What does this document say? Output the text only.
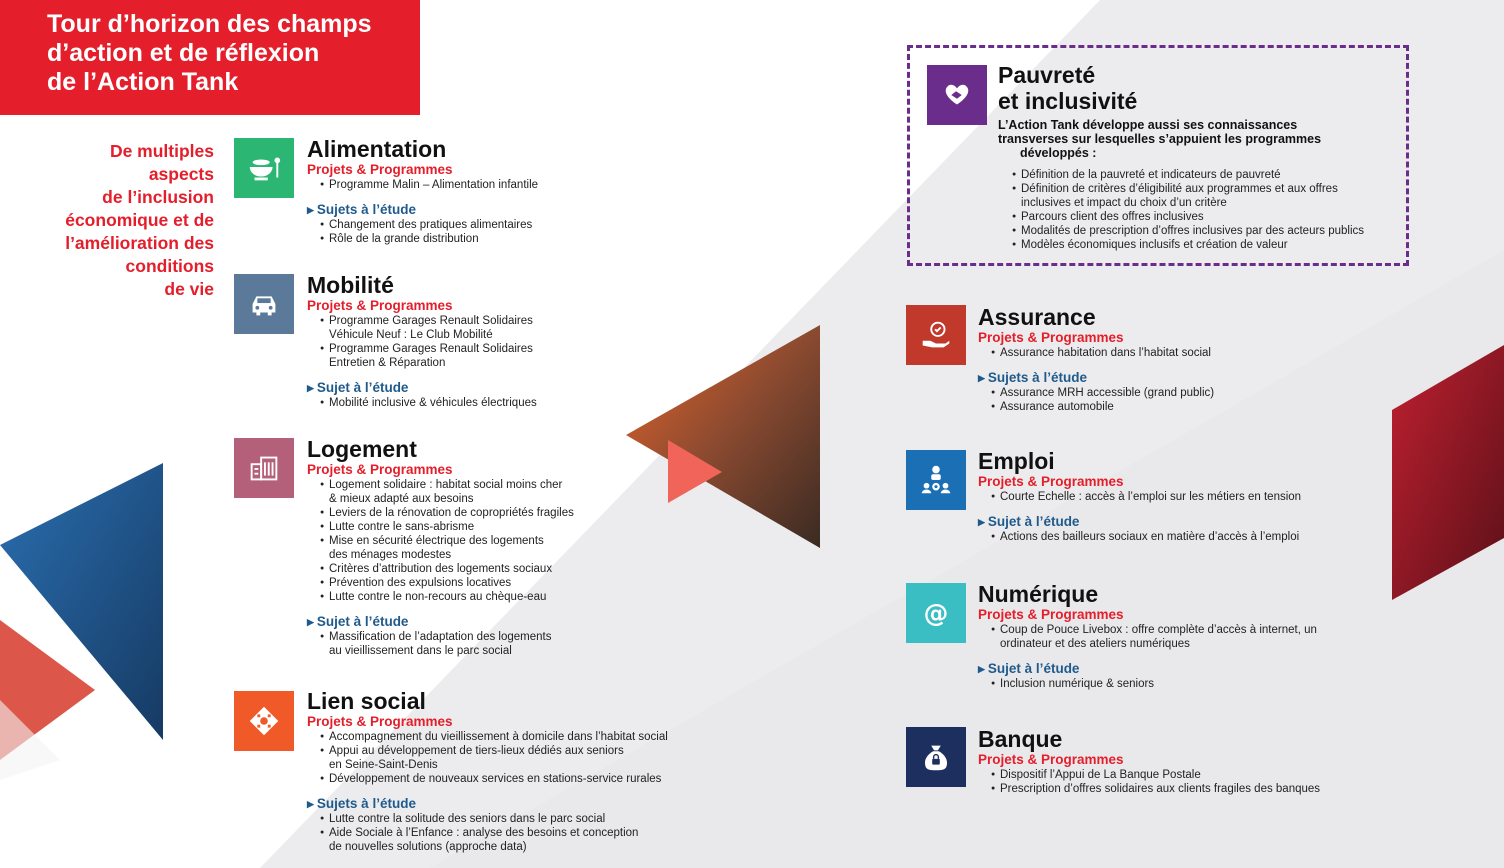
Tour d’horizon des champs
d’action et de réflexion
de l’Action Tank
De multiples
aspects
de l’inclusion
économique et de
l’amélioration des
conditions
de vie
Alimentation
Projets & Programmes
● Programme Malin – Alimentation infantile
▶ Sujets à l’étude
● Changement des pratiques alimentaires
● Rôle de la grande distribution
Mobilité
Projets & Programmes
● Programme Garages Renault Solidaires
Véhicule Neuf : Le Club Mobilité
● Programme Garages Renault Solidaires
Entretien & Réparation
▶ Sujet à l’étude
● Mobilité inclusive & véhicules électriques
Logement
Projets & Programmes
● Logement solidaire : habitat social moins cher
& mieux adapté aux besoins
● Leviers de la rénovation de copropriétés fragiles
● Lutte contre le sans-abrisme
● Mise en sécurité électrique des logements
des ménages modestes
● Critères d’attribution des logements sociaux
● Prévention des expulsions locatives
● Lutte contre le non-recours au chèque-eau
▶ Sujet à l’étude
● Massification de l’adaptation des logements
au vieillissement dans le parc social
Lien social
Projets & Programmes
● Accompagnement du vieillissement à domicile dans l’habitat social
● Appui au développement de tiers-lieux dédiés aux seniors
en Seine-Saint-Denis
● Développement de nouveaux services en stations-service rurales
▶ Sujets à l’étude
● Lutte contre la solitude des seniors dans le parc social
● Aide Sociale à l’Enfance : analyse des besoins et conception
de nouvelles solutions (approche data)
Pauvreté
et inclusivité
L’Action Tank développe aussi ses connaissances
transverses sur lesquelles s’appuient les programmes
développés :
● Définition de la pauvreté et indicateurs de pauvreté
● Définition de critères d’éligibilité aux programmes et aux offres
inclusives et impact du choix d’un critère
● Parcours client des offres inclusives
● Modalités de prescription d’offres inclusives par des acteurs publics
● Modèles économiques inclusifs et création de valeur
Assurance
Projets & Programmes
● Assurance habitation dans l’habitat social
▶ Sujets à l’étude
● Assurance MRH accessible (grand public)
● Assurance automobile
Emploi
Projets & Programmes
● Courte Echelle : accès à l’emploi sur les métiers en tension
▶ Sujet à l’étude
● Actions des bailleurs sociaux en matière d’accès à l’emploi
@
Numérique
Projets & Programmes
● Coup de Pouce Livebox : offre complète d’accès à internet, un
ordinateur et des ateliers numériques
▶ Sujet à l’étude
● Inclusion numérique & seniors
Banque
Projets & Programmes
● Dispositif l’Appui de La Banque Postale
● Prescription d’offres solidaires aux clients fragiles des banques
